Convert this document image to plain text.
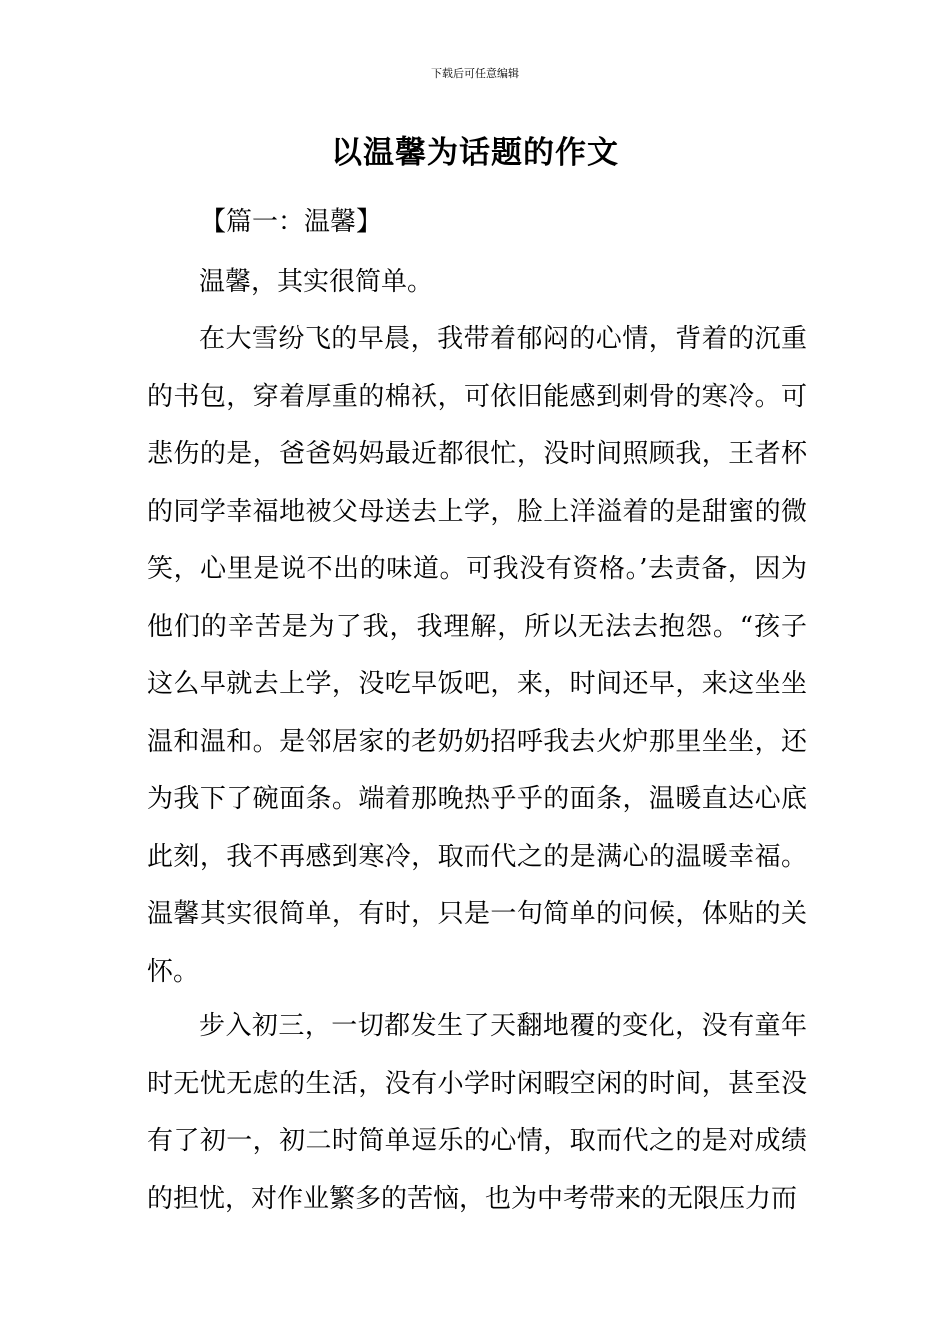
下载后可任意编辑
以温馨为话题的作文
【篇一：温馨】

温馨，其实很简单。

在大雪纷飞的早晨，我带着郁闷的心情，背着的沉重的书包，穿着厚重的棉袄，可依旧能感到刺骨的寒冷。可悲伤的是，爸爸妈妈最近都很忙，没时间照顾我，王者杯的同学幸福地被父母送去上学，脸上洋溢着的是甜蜜的微笑，心里是说不出的味道。可我没有资格。’去责备，因为他们的辛苦是为了我，我理解，所以无法去抱怨。“孩子这么早就去上学，没吃早饭吧，来，时间还早，来这坐坐温和温和。是邻居家的老奶奶招呼我去火炉那里坐坐，还为我下了碗面条。端着那晚热乎乎的面条，温暖直达心底此刻，我不再感到寒冷，取而代之的是满心的温暖幸福。温馨其实很简单，有时，只是一句简单的问候，体贴的关怀。

步入初三，一切都发生了天翻地覆的变化，没有童年时无忧无虑的生活，没有小学时闲暇空闲的时间，甚至没有了初一，初二时简单逗乐的心情，取而代之的是对成绩的担忧，对作业繁多的苦恼，也为中考带来的无限压力而
